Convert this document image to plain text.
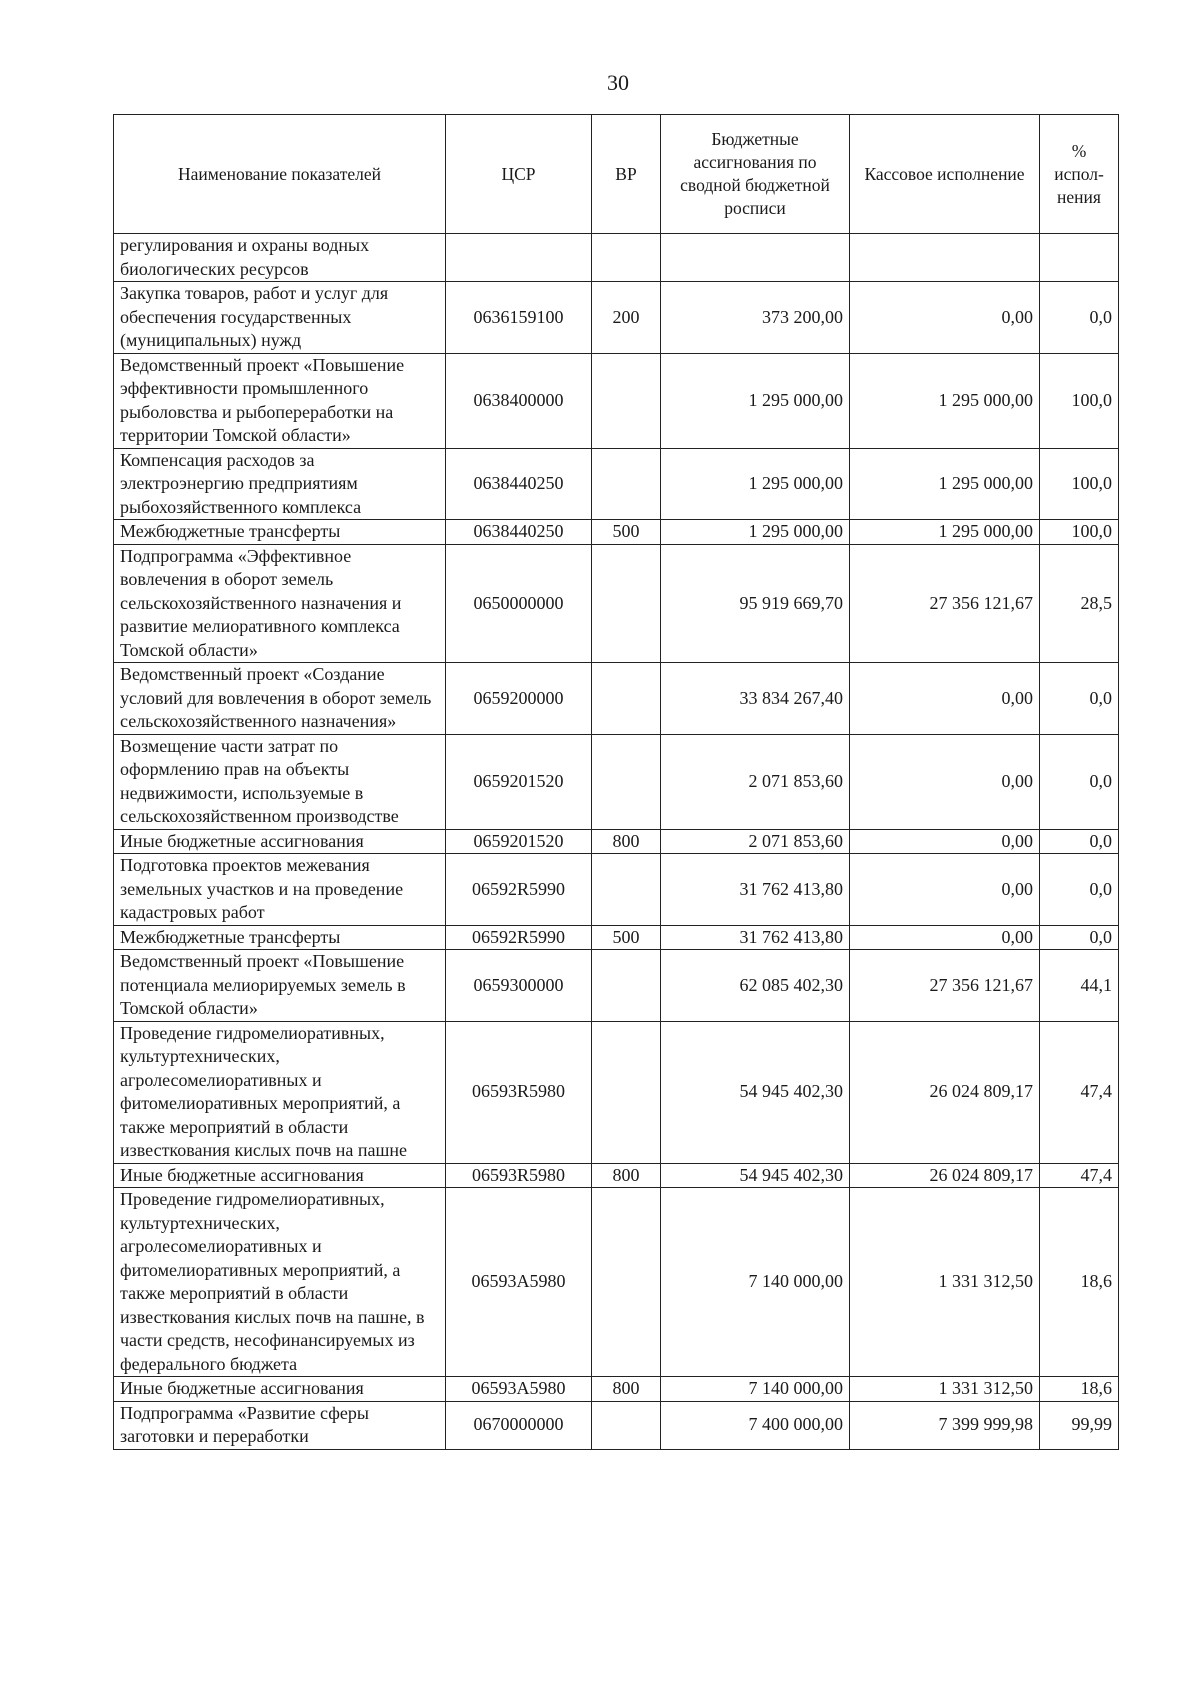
30
Наименование показателей	ЦСР	ВР	Бюджетные ассигнования по сводной бюджетной росписи	Кассовое исполнение	% испол-нения
регулирования и охраны водных биологических ресурсов					
Закупка товаров, работ и услуг для обеспечения государственных (муниципальных) нужд	0636159100	200	373 200,00	0,00	0,0
Ведомственный проект «Повышение эффективности промышленного рыболовства и рыбопереработки на территории Томской области»	0638400000		1 295 000,00	1 295 000,00	100,0
Компенсация расходов за электроэнергию предприятиям рыбохозяйственного комплекса	0638440250		1 295 000,00	1 295 000,00	100,0
Межбюджетные трансферты	0638440250	500	1 295 000,00	1 295 000,00	100,0
Подпрограмма «Эффективное вовлечения в оборот земель сельскохозяйственного назначения и развитие мелиоративного комплекса Томской области»	0650000000		95 919 669,70	27 356 121,67	28,5
Ведомственный проект «Создание условий для вовлечения в оборот земель сельскохозяйственного назначения»	0659200000		33 834 267,40	0,00	0,0
Возмещение части затрат по оформлению прав на объекты недвижимости, используемые в сельскохозяйственном производстве	0659201520		2 071 853,60	0,00	0,0
Иные бюджетные ассигнования	0659201520	800	2 071 853,60	0,00	0,0
Подготовка проектов межевания земельных участков и на проведение кадастровых работ	06592R5990		31 762 413,80	0,00	0,0
Межбюджетные трансферты	06592R5990	500	31 762 413,80	0,00	0,0
Ведомственный проект «Повышение потенциала мелиорируемых земель в Томской области»	0659300000		62 085 402,30	27 356 121,67	44,1
Проведение гидромелиоративных, культуртехнических, агролесомелиоративных и фитомелиоративных мероприятий, а также мероприятий в области известкования кислых почв на пашне	06593R5980		54 945 402,30	26 024 809,17	47,4
Иные бюджетные ассигнования	06593R5980	800	54 945 402,30	26 024 809,17	47,4
Проведение гидромелиоративных, культуртехнических, агролесомелиоративных и фитомелиоративных мероприятий, а также мероприятий в области известкования кислых почв на пашне, в части средств, несофинансируемых из федерального бюджета	06593A5980		7 140 000,00	1 331 312,50	18,6
Иные бюджетные ассигнования	06593A5980	800	7 140 000,00	1 331 312,50	18,6
Подпрограмма «Развитие сферы заготовки и переработки	0670000000		7 400 000,00	7 399 999,98	99,99
